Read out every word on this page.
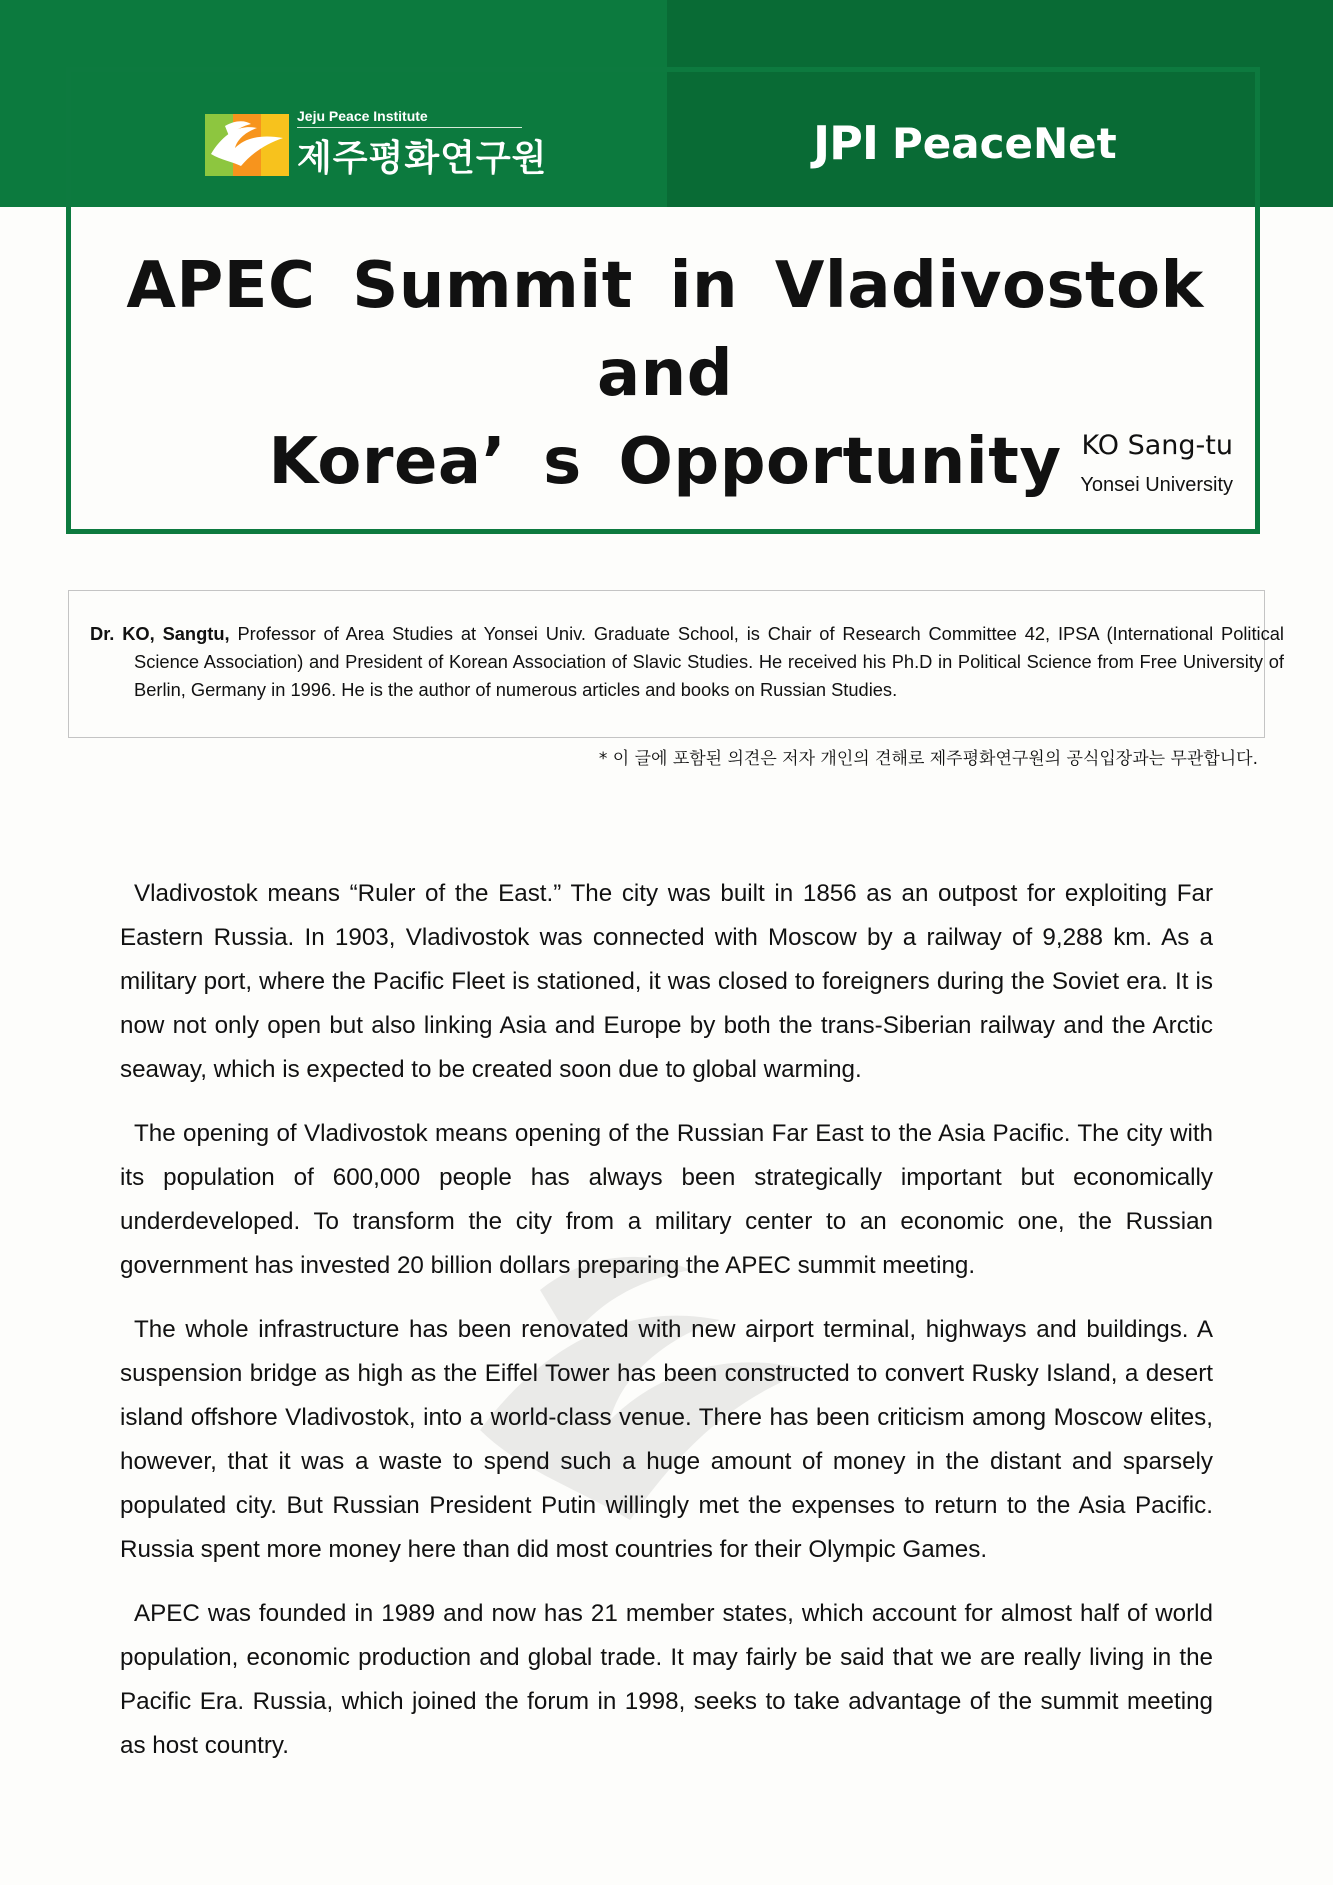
Jeju Peace Institute
제주평화연구원	JPI PeaceNet
APEC Summit in Vladivostok and
Korea’ s Opportunity KO Sang-tu
Yonsei University
Dr. KO, Sangtu, Professor of Area Studies at Yonsei Univ. Graduate School, is Chair of Research Committee 42, IPSA (International Political Science Association) and President of Korean Association of Slavic Studies. He received his Ph.D in Political Science from Free University of Berlin, Germany in 1996. He is the author of numerous articles and books on Russian Studies.
* 이 글에 포함된 의견은 저자 개인의 견해로 제주평화연구원의 공식입장과는 무관합니다.

Vladivostok means “Ruler of the East.” The city was built in 1856 as an outpost for exploiting Far Eastern Russia. In 1903, Vladivostok was connected with Moscow by a railway of 9,288 km. As a military port, where the Pacific Fleet is stationed, it was closed to foreigners during the Soviet era. It is now not only open but also linking Asia and Europe by both the trans-Siberian railway and the Arctic seaway, which is expected to be created soon due to global warming.

The opening of Vladivostok means opening of the Russian Far East to the Asia Pacific. The city with its population of 600,000 people has always been strategically important but economically underdeveloped. To transform the city from a military center to an economic one, the Russian government has invested 20 billion dollars preparing the APEC summit meeting.

The whole infrastructure has been renovated with new airport terminal, highways and buildings. A suspension bridge as high as the Eiffel Tower has been constructed to convert Rusky Island, a desert island offshore Vladivostok, into a world-class venue. There has been criticism among Moscow elites, however, that it was a waste to spend such a huge amount of money in the distant and sparsely populated city. But Russian President Putin willingly met the expenses to return to the Asia Pacific. Russia spent more money here than did most countries for their Olympic Games.

APEC was founded in 1989 and now has 21 member states, which account for almost half of world population, economic production and global trade. It may fairly be said that we are really living in the Pacific Era. Russia, which joined the forum in 1998, seeks to take advantage of the summit meeting as host country.
